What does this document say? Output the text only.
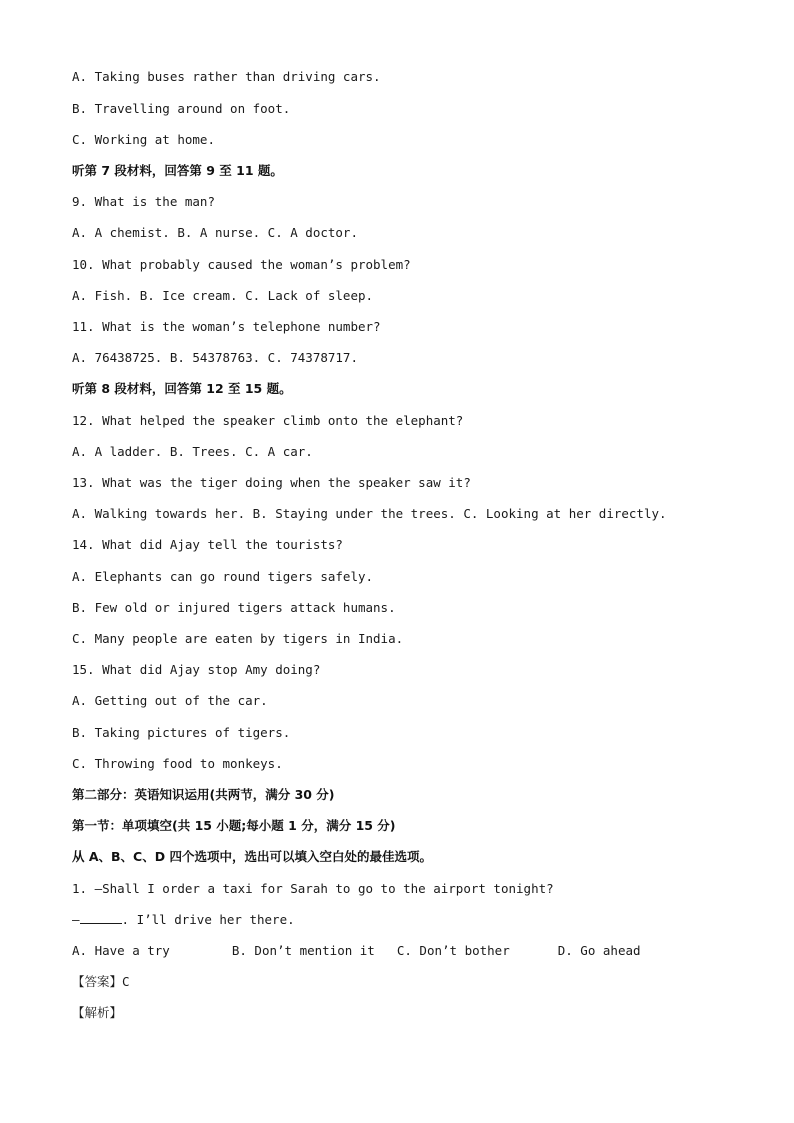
A. Taking buses rather than driving cars.
B. Travelling around on foot.
C. Working at home.
听第 7 段材料，回答第 9 至 11 题。
9. What is the man?
A. A chemist. B. A nurse. C. A doctor.
10. What probably caused the woman’s problem?
A. Fish. B. Ice cream. C. Lack of sleep.
11. What is the woman’s telephone number?
A. 76438725. B. 54378763. C. 74378717.
听第 8 段材料，回答第 12 至 15 题。
12. What helped the speaker climb onto the elephant?
A. A ladder. B. Trees. C. A car.
13. What was the tiger doing when the speaker saw it?
A. Walking towards her. B. Staying under the trees. C. Looking at her directly.
14. What did Ajay tell the tourists?
A. Elephants can go round tigers safely.
B. Few old or injured tigers attack humans.
C. Many people are eaten by tigers in India.
15. What did Ajay stop Amy doing?
A. Getting out of the car.
B. Taking pictures of tigers.
C. Throwing food to monkeys.
第二部分：英语知识运用(共两节，满分 30 分)
第一节：单项填空(共 15 小题;每小题 1 分，满分 15 分)
从 A、B、C、D 四个选项中，选出可以填入空白处的最佳选项。
1. —Shall I order a taxi for Sarah to go to the airport tonight?
—	. I’ll drive her there.
A. Have a try	B. Don’t mention it C. Don’t bother	D. Go ahead
【答案】C
【解析】
